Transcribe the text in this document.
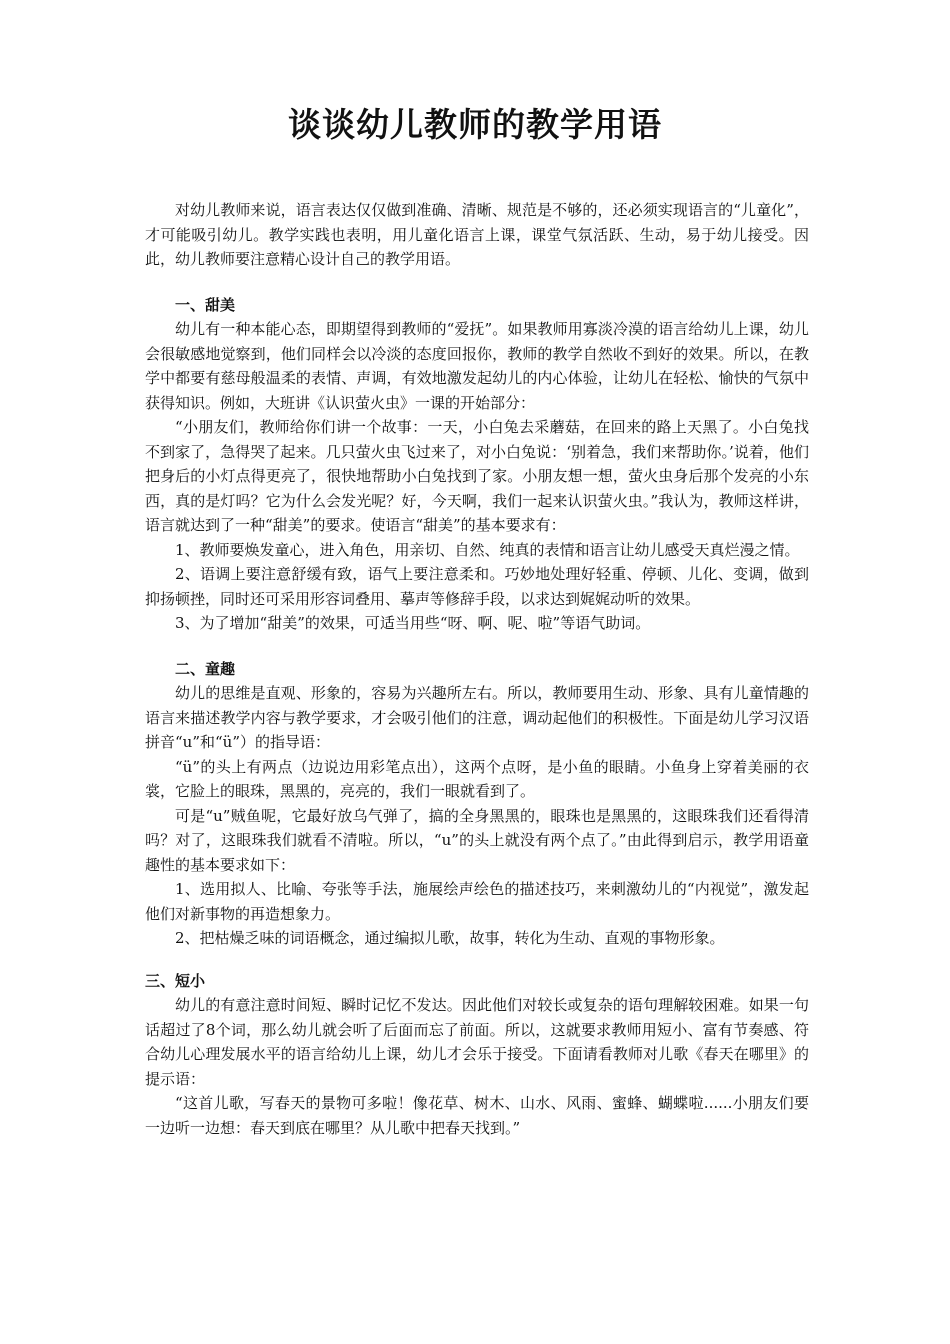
谈谈幼儿教师的教学用语

对幼儿教师来说，语言表达仅仅做到准确、清晰、规范是不够的，还必须实现语言的“儿童化”，才可能吸引幼儿。教学实践也表明，用儿童化语言上课，课堂气氛活跃、生动，易于幼儿接受。因此，幼儿教师要注意精心设计自己的教学用语。

一、甜美

幼儿有一种本能心态，即期望得到教师的“爱抚”。如果教师用寡淡冷漠的语言给幼儿上课，幼儿会很敏感地觉察到，他们同样会以冷淡的态度回报你，教师的教学自然收不到好的效果。所以，在教学中都要有慈母般温柔的表情、声调，有效地激发起幼儿的内心体验，让幼儿在轻松、愉快的气氛中获得知识。例如，大班讲《认识萤火虫》一课的开始部分：

“小朋友们，教师给你们讲一个故事：一天，小白兔去采蘑菇，在回来的路上天黑了。小白兔找不到家了，急得哭了起来。几只萤火虫飞过来了，对小白兔说：‘别着急，我们来帮助你。’说着，他们把身后的小灯点得更亮了，很快地帮助小白兔找到了家。小朋友想一想，萤火虫身后那个发亮的小东西，真的是灯吗？它为什么会发光呢？好，今天啊，我们一起来认识萤火虫。”我认为，教师这样讲，语言就达到了一种“甜美”的要求。使语言“甜美”的基本要求有：

1、教师要焕发童心，进入角色，用亲切、自然、纯真的表情和语言让幼儿感受天真烂漫之情。

2、语调上要注意舒缓有致，语气上要注意柔和。巧妙地处理好轻重、停顿、儿化、变调，做到抑扬顿挫，同时还可采用形容词叠用、摹声等修辞手段，以求达到娓娓动听的效果。

3、为了增加“甜美”的效果，可适当用些“呀、啊、呢、啦”等语气助词。

二、童趣

幼儿的思维是直观、形象的，容易为兴趣所左右。所以，教师要用生动、形象、具有儿童情趣的语言来描述教学内容与教学要求，才会吸引他们的注意，调动起他们的积极性。下面是幼儿学习汉语拼音“u”和“ü”）的指导语：

“ü”的头上有两点（边说边用彩笔点出），这两个点呀，是小鱼的眼睛。小鱼身上穿着美丽的衣裳，它脸上的眼珠，黑黑的，亮亮的，我们一眼就看到了。

可是“u”贼鱼呢，它最好放乌气弹了，搞的全身黑黑的，眼珠也是黑黑的，这眼珠我们还看得清吗？对了，这眼珠我们就看不清啦。所以，“u”的头上就没有两个点了。”由此得到启示，教学用语童趣性的基本要求如下：

1、选用拟人、比喻、夸张等手法，施展绘声绘色的描述技巧，来刺激幼儿的“内视觉”，激发起他们对新事物的再造想象力。

2、把枯燥乏味的词语概念，通过编拟儿歌，故事，转化为生动、直观的事物形象。

三、短小

幼儿的有意注意时间短、瞬时记忆不发达。因此他们对较长或复杂的语句理解较困难。如果一句话超过了8个词，那么幼儿就会听了后面而忘了前面。所以，这就要求教师用短小、富有节奏感、符合幼儿心理发展水平的语言给幼儿上课，幼儿才会乐于接受。下面请看教师对儿歌《春天在哪里》的提示语：

“这首儿歌，写春天的景物可多啦！像花草、树木、山水、风雨、蜜蜂、蝴蝶啦......小朋友们要一边听一边想：春天到底在哪里？从儿歌中把春天找到。”
